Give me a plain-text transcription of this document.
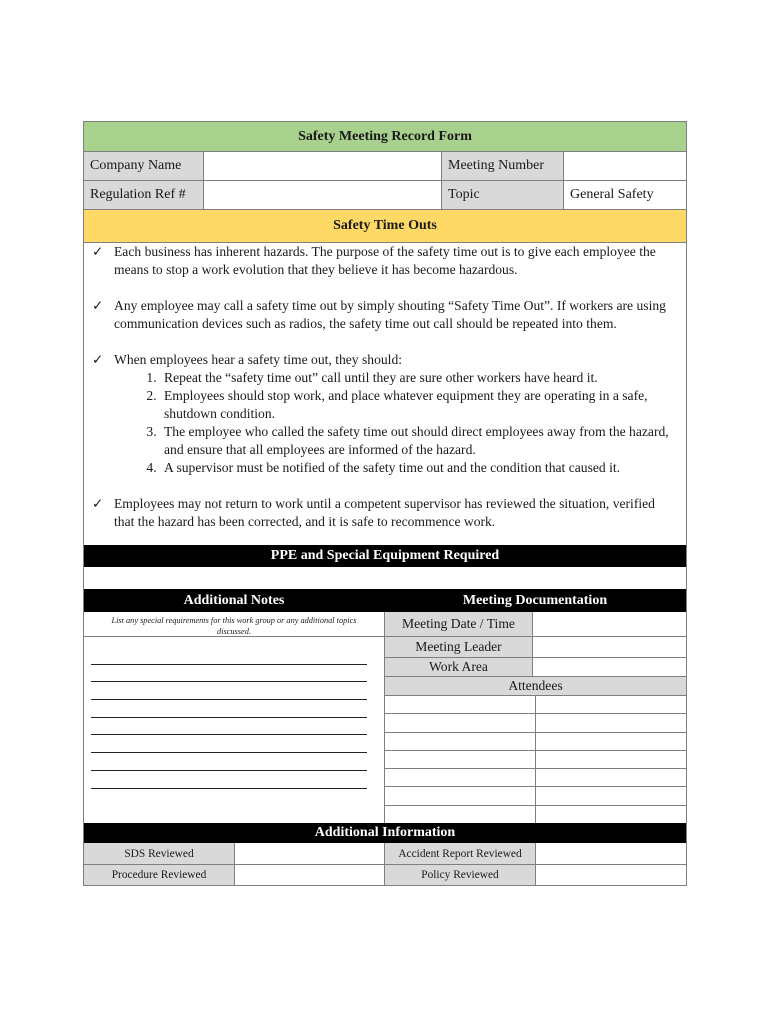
Safety Meeting Record Form
Company Name	Meeting Number
Regulation Ref #	Topic	General Safety
Safety Time Outs
✓ Each business has inherent hazards. The purpose of the safety time out is to give each employee the means to stop a work evolution that they believe it has become hazardous.
✓ Any employee may call a safety time out by simply shouting “Safety Time Out”. If workers are using communication devices such as radios, the safety time out call should be repeated into them.
✓ When employees hear a safety time out, they should:
1. Repeat the “safety time out” call until they are sure other workers have heard it.
2. Employees should stop work, and place whatever equipment they are operating in a safe, shutdown condition.
3. The employee who called the safety time out should direct employees away from the hazard, and ensure that all employees are informed of the hazard.
4. A supervisor must be notified of the safety time out and the condition that caused it.
✓ Employees may not return to work until a competent supervisor has reviewed the situation, verified that the hazard has been corrected, and it is safe to recommence work.
PPE and Special Equipment Required
Additional Notes	Meeting Documentation
List any special requirements for this work group or any additional topics discussed.
Meeting Date / Time
Meeting Leader
Work Area
Attendees
Additional Information
SDS Reviewed	Accident Report Reviewed
Procedure Reviewed	Policy Reviewed
